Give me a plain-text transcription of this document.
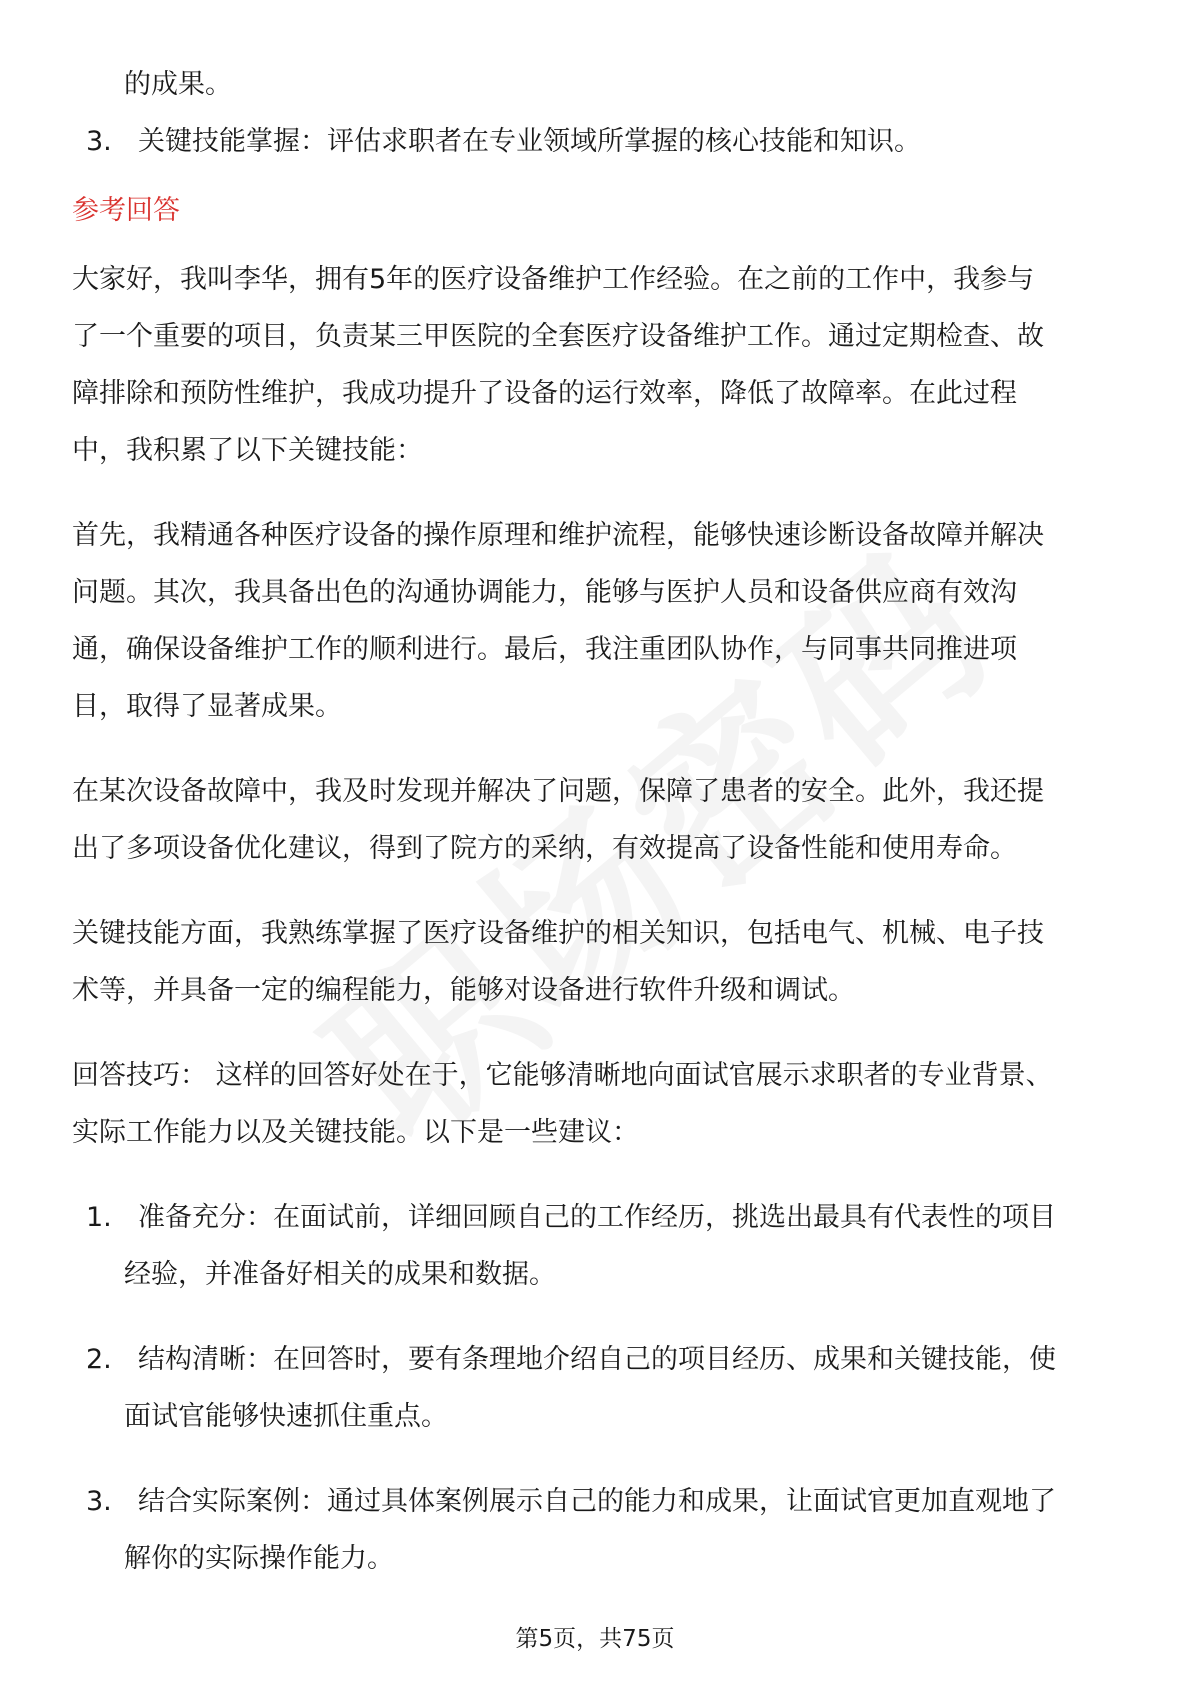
的成果。
3. 关键技能掌握：评估求职者在专业领域所掌握的核心技能和知识。

参考回答

大家好，我叫李华，拥有5年的医疗设备维护工作经验。在之前的工作中，我参与

了一个重要的项目，负责某三甲医院的全套医疗设备维护工作。通过定期检查、故

障排除和预防性维护，我成功提升了设备的运行效率，降低了故障率。在此过程

中，我积累了以下关键技能：

首先，我精通各种医疗设备的操作原理和维护流程，能够快速诊断设备故障并解决

问题。其次，我具备出色的沟通协调能力，能够与医护人员和设备供应商有效沟

通，确保设备维护工作的顺利进行。最后，我注重团队协作，与同事共同推进项

目，取得了显著成果。

在某次设备故障中，我及时发现并解决了问题，保障了患者的安全。此外，我还提

出了多项设备优化建议，得到了院方的采纳，有效提高了设备性能和使用寿命。

关键技能方面，我熟练掌握了医疗设备维护的相关知识，包括电气、机械、电子技

术等，并具备一定的编程能力，能够对设备进行软件升级和调试。

回答技巧： 这样的回答好处在于，它能够清晰地向面试官展示求职者的专业背景、

实际工作能力以及关键技能。以下是一些建议：

1. 准备充分：在面试前，详细回顾自己的工作经历，挑选出最具有代表性的项目
经验，并准备好相关的成果和数据。
2. 结构清晰：在回答时，要有条理地介绍自己的项目经历、成果和关键技能，使
面试官能够快速抓住重点。
3. 结合实际案例：通过具体案例展示自己的能力和成果，让面试官更加直观地了
解你的实际操作能力。
第5页，共75页
